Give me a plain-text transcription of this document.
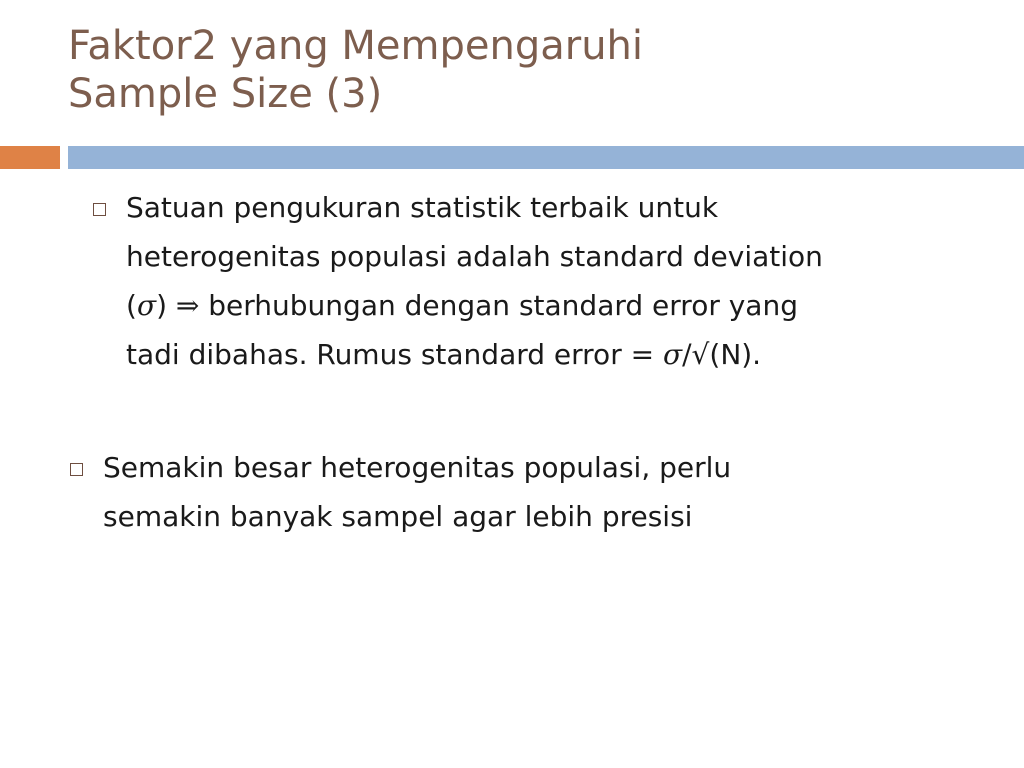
Faktor2 yang Mempengaruhi
Sample Size (3)
Satuan pengukuran statistik terbaik untuk
heterogenitas populasi adalah standard deviation
(σ) ⇒ berhubungan dengan standard error yang
tadi dibahas. Rumus standard error = σ/√(N).
Semakin besar heterogenitas populasi, perlu
semakin banyak sampel agar lebih presisi
